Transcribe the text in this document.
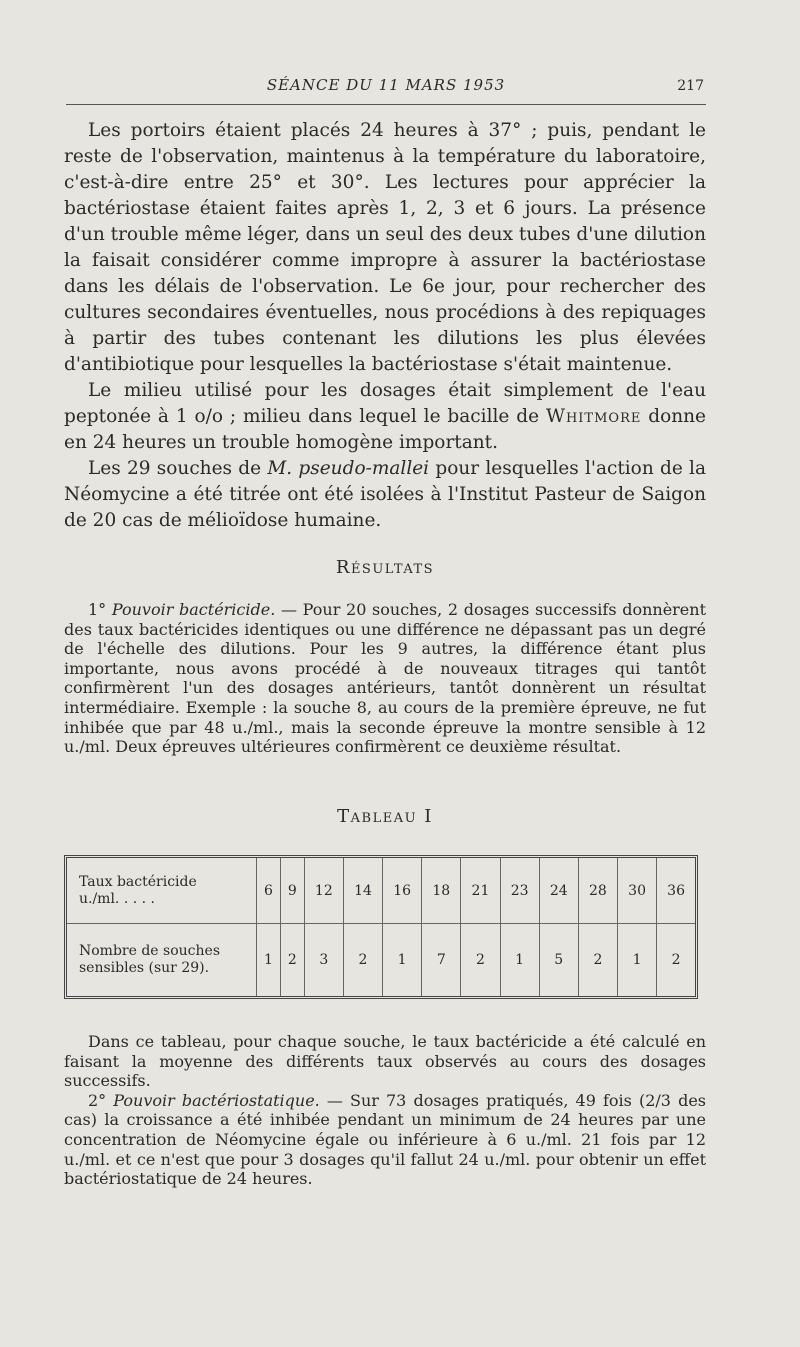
SÉANCE DU 11 MARS 1953	217

Les portoirs étaient placés 24 heures à 37° ; puis, pendant le reste de l'observation, maintenus à la température du laboratoire, c'est-à-dire entre 25° et 30°. Les lectures pour apprécier la bactériostase étaient faites après 1, 2, 3 et 6 jours. La présence d'un trouble même léger, dans un seul des deux tubes d'une dilution la faisait considérer comme impropre à assurer la bactériostase dans les délais de l'observation. Le 6e jour, pour rechercher des cultures secondaires éventuelles, nous procédions à des repiquages à partir des tubes contenant les dilutions les plus élevées d'antibiotique pour lesquelles la bactériostase s'était maintenue.

Le milieu utilisé pour les dosages était simplement de l'eau peptonée à 1 o/o ; milieu dans lequel le bacille de Whitmore donne en 24 heures un trouble homogène important.

Les 29 souches de M. pseudo-mallei pour lesquelles l'action de la Néomycine a été titrée ont été isolées à l'Institut Pasteur de Saigon de 20 cas de mélioïdose humaine.

Résultats

1° Pouvoir bactéricide. — Pour 20 souches, 2 dosages successifs donnèrent des taux bactéricides identiques ou une différence ne dépassant pas un degré de l'échelle des dilutions. Pour les 9 autres, la différence étant plus importante, nous avons procédé à de nouveaux titrages qui tantôt confirmèrent l'un des dosages antérieurs, tantôt donnèrent un résultat intermédiaire. Exemple : la souche 8, au cours de la première épreuve, ne fut inhibée que par 48 u./ml., mais la seconde épreuve la montre sensible à 12 u./ml. Deux épreuves ultérieures confirmèrent ce deuxième résultat.

Tableau I
Taux bactéricide
u./ml. . . . .	6	9	12	14	16	18	21	23	24	28	30	36

Nombre de souches
sensibles (sur 29).	1	2	3	2	1	7	2	1	5	2	1	2

Dans ce tableau, pour chaque souche, le taux bactéricide a été calculé en faisant la moyenne des différents taux observés au cours des dosages successifs.

2° Pouvoir bactériostatique. — Sur 73 dosages pratiqués, 49 fois (2/3 des cas) la croissance a été inhibée pendant un minimum de 24 heures par une concentration de Néomycine égale ou inférieure à 6 u./ml. 21 fois par 12 u./ml. et ce n'est que pour 3 dosages qu'il fallut 24 u./ml. pour obtenir un effet bactériostatique de 24 heures.
